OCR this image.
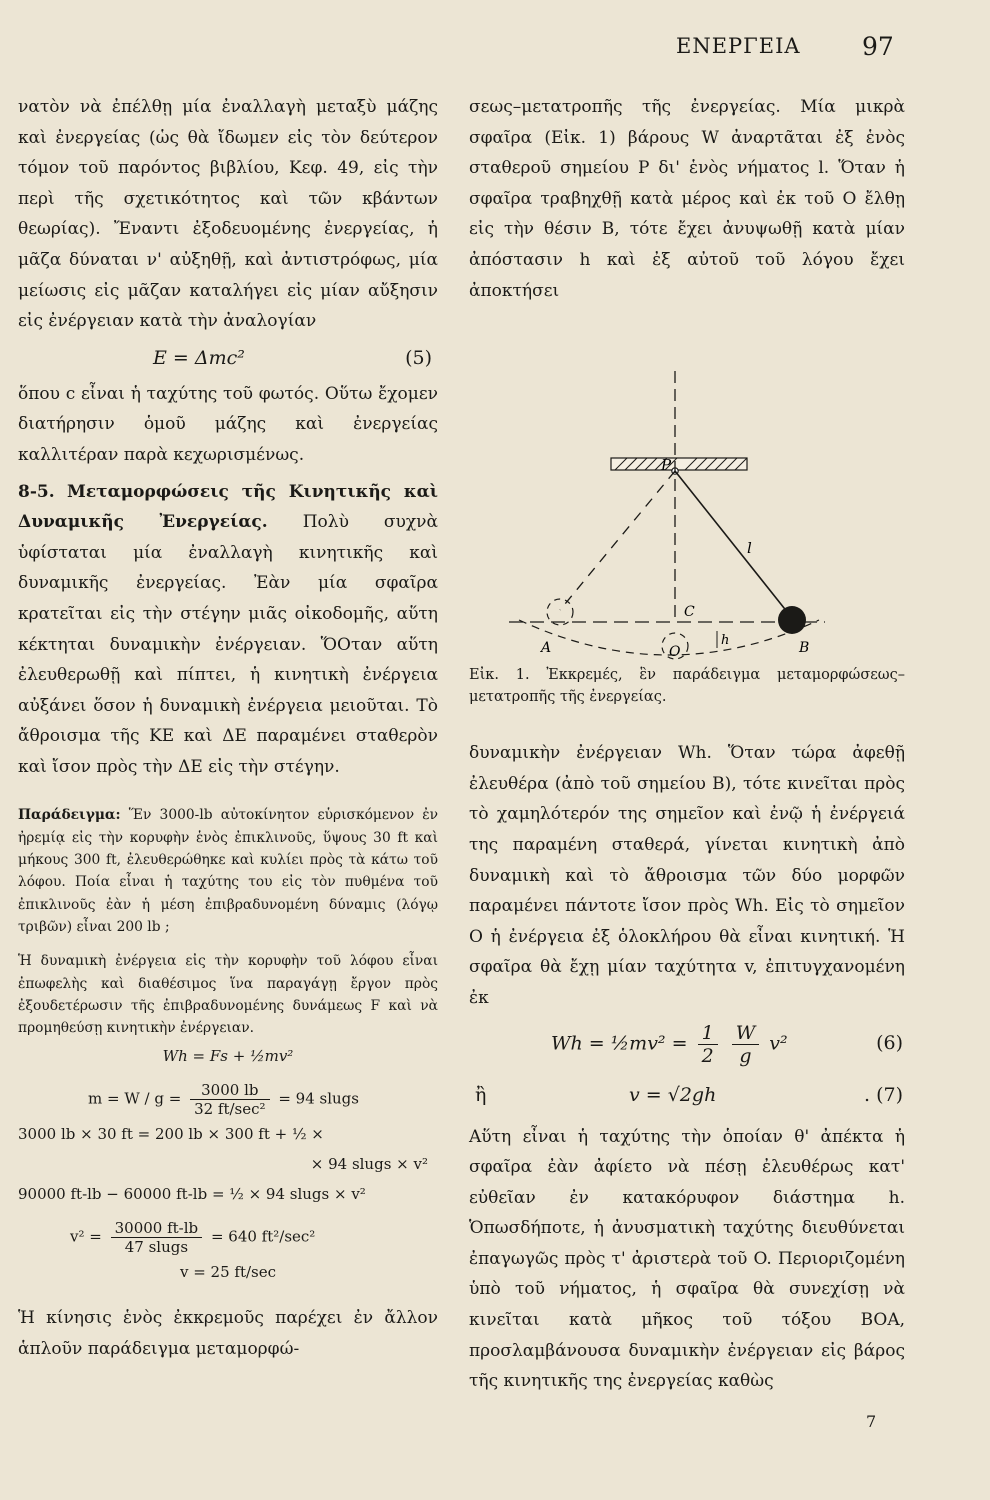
ΕΝΕΡΓΕΙΑ 97

νατὸν νὰ ἐπέλθῃ μία ἐναλλαγὴ μεταξὺ μάζης καὶ ἐνεργείας (ὡς θὰ ἴδωμεν εἰς τὸν δεύτερον τόμον τοῦ παρόντος βιβλίου, Κεφ. 49, εἰς τὴν περὶ τῆς σχετικότητος καὶ τῶν κβάντων θεωρίας). Ἔναντι ἐξοδευομένης ἐνεργείας, ἡ μᾶζα δύναται ν' αὐξηθῇ, καὶ ἀντιστρόφως, μία μείωσις εἰς μᾶζαν καταλήγει εἰς μίαν αὔξησιν εἰς ἐνέργειαν κατὰ τὴν ἀναλογίαν

E = Δmc²	(5)

ὅπου c εἶναι ἡ ταχύτης τοῦ φωτός. Οὕτω ἔχομεν διατήρησιν ὁμοῦ μάζης καὶ ἐνεργείας καλλιτέραν παρὰ κεχωρισμένως.

8-5. Μεταμορφώσεις τῆς Κινητικῆς καὶ Δυναμικῆς Ἐνεργείας. Πολὺ συχνὰ ὑφίσταται μία ἐναλλαγὴ κινητικῆς καὶ δυναμικῆς ἐνεργείας. Ἐὰν μία σφαῖρα κρατεῖται εἰς τὴν στέγην μιᾶς οἰκοδομῆς, αὕτη κέκτηται δυναμικὴν ἐνέργειαν. ὍΟταν αὕτη ἐλευθερωθῇ καὶ πίπτει, ἡ κινητικὴ ἐνέργεια αὐξάνει ὅσον ἡ δυναμικὴ ἐνέργεια μειοῦται. Τὸ ἄθροισμα τῆς ΚΕ καὶ ΔΕ παραμένει σταθερὸν καὶ ἴσον πρὸς τὴν ΔΕ εἰς τὴν στέγην.

Παράδειγμα: Ἕν 3000-lb αὐτοκίνητον εὑρισκόμενον ἐν ἠρεμίᾳ εἰς τὴν κορυφὴν ἑνὸς ἐπικλινοῦς, ὕψους 30 ft καὶ μήκους 300 ft, ἐλευθερώθηκε καὶ κυλίει πρὸς τὰ κάτω τοῦ λόφου. Ποία εἶναι ἡ ταχύτης του εἰς τὸν πυθμένα τοῦ ἐπικλινοῦς ἐὰν ἡ μέση ἐπιβραδυνομένη δύναμις (λόγῳ τριβῶν) εἶναι 200 lb ;

Ἡ δυναμικὴ ἐνέργεια εἰς τὴν κορυφὴν τοῦ λόφου εἶναι ἐπωφελὴς καὶ διαθέσιμος ἵνα παραγάγῃ ἔργον πρὸς ἐξουδετέρωσιν τῆς ἐπιβραδυνομένης δυνάμεως F καὶ νὰ προμηθεύσῃ κινητικὴν ἐνέργειαν.

Wh = Fs + ½mv²
$m = W / g = \frac{3000 lb}{\text{32 ft/sec²}} = 94$ slugs
3000 lb × 30 ft = 200 lb × 300 ft + ½ ×
× 94 slugs × v²
90000 ft-lb − 60000 ft-lb = ½ × 94 slugs × v²
$v^2 = \frac{30000 ft-lb}{\text{47 slugs}} = 640$ ft²/sec²
v = 25 ft/sec

Ἡ κίνησις ἑνὸς ἐκκρεμοῦς παρέχει ἐν ἄλλον ἁπλοῦν παράδειγμα μεταμορφώ-

σεως–μετατροπῆς τῆς ἐνεργείας. Μία μικρὰ σφαῖρα (Εἰκ. 1) βάρους W ἀναρτᾶται ἐξ ἑνὸς σταθεροῦ σημείου P δι' ἑνὸς νήματος l. Ὅταν ἡ σφαῖρα τραβηχθῇ κατὰ μέρος καὶ ἐκ τοῦ O ἔλθῃ εἰς τὴν θέσιν B, τότε ἔχει ἀνυψωθῇ κατὰ μίαν ἀπόστασιν h καὶ ἐξ αὐτοῦ τοῦ λόγου ἔχει ἀποκτήσει

P
l
C
h
A	B
O

Εἰκ. 1. Ἐκκρεμές, ἓν παράδειγμα μεταμορφώσεως–μετατροπῆς τῆς ἐνεργείας.

δυναμικὴν ἐνέργειαν Wh. Ὅταν τώρα ἀφεθῇ ἐλευθέρα (ἀπὸ τοῦ σημείου B), τότε κινεῖται πρὸς τὸ χαμηλότερόν της σημεῖον καὶ ἐνῷ ἡ ἐνέργειά της παραμένη σταθερά, γίνεται κινητικὴ ἀπὸ δυναμικὴ καὶ τὸ ἄθροισμα τῶν δύο μορφῶν παραμένει πάντοτε ἴσον πρὸς Wh. Εἰς τὸ σημεῖον O ἡ ἐνέργεια ἐξ ὁλοκλήρου θὰ εἶναι κινητική. Ἡ σφαῖρα θὰ ἔχῃ μίαν ταχύτητα v, ἐπιτυγχανομένη ἐκ

Wh = ½mv² = $\frac{1}{2}$
$\frac{W}{g} v^2$	(6)
ἢ	v = √2gh	. (7)

Αὕτη εἶναι ἡ ταχύτης τὴν ὁποίαν θ' ἀπέκτα ἡ σφαῖρα ἐὰν ἀφίετο νὰ πέσῃ ἐλευθέρως κατ' εὐθεῖαν ἐν κατακόρυφον διάστημα h. Ὁπωσδήποτε, ἡ ἀνυσματικὴ ταχύτης διευθύνεται ἐπαγωγῶς πρὸς τ' ἀριστερὰ τοῦ O. Περιοριζομένη ὑπὸ τοῦ νήματος, ἡ σφαῖρα θὰ συνεχίσῃ νὰ κινεῖται κατὰ μῆκος τοῦ τόξου BOA, προσλαμβάνουσα δυναμικὴν ἐνέργειαν εἰς βάρος τῆς κινητικῆς της ἐνεργείας καθὼς

7
